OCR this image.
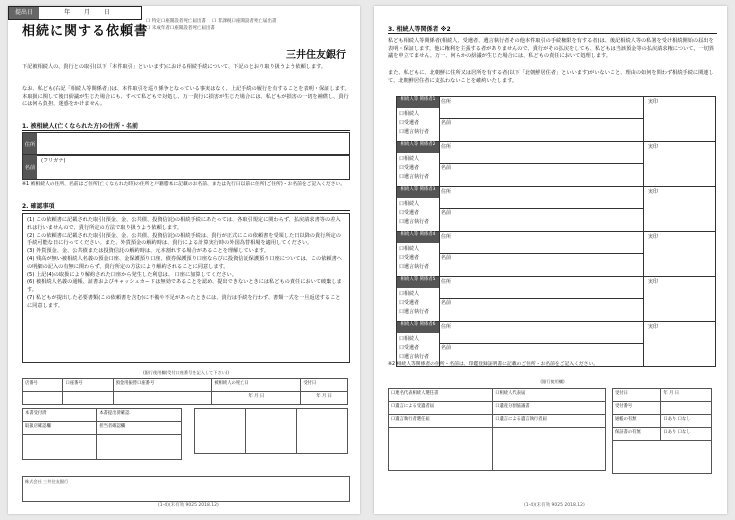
相続に関する依頼書
口 特定口座開設者死亡届出書 口 非課税口座開設者死亡届出書
口 未成年者口座開設者死亡届出書
提出日	年 月 日
三井住友銀行
下記被相続人の、貴行との取引(以下「本件取引」といいます)における相続手続について、下記のとおり取り扱うよう依頼します。
なお、私ども(右記「相続人等関係者」)は、本件取引を巡り係争となっている事実はなく、上記手続の履行を有することを表明・保証します。本取扱に関して後日紛議が生じた場合にも、すべて私どもで対処し、万一貴行に損害が生じた場合には、私どもが損害の一切を補償し、貴行には何ら負担、迷惑をかけません。
1. 被相続人(亡くなられた方)の住所・名前
住所
名前
(フリガナ)
※1 被相続人の住所、名前はご住所(亡くなられた時)の住所と戸籍謄本に記載のお名前、または先行日以前に住所(ご住所)・お名前をご記入ください。
2. 確認事項
(1) この依頼書に記載された取引(預金、金、公共債、投資信託)の相続手続にあたっては、各取引規定に関わらず、払戻請求書等の差入れは行いませんので、貴行所定の方法で取り扱うよう依頼します。
(2) この依頼書に記載された取引(預金、金、公共債、投資信託)の相続手続は、貴行が正式にこの依頼書を受領した日以降の貴行所定の手続可能な日に行ってください。また、外貨預金の解約時は、貴行による計算実行時の外国為替相場を適用してください。
(3) 外貨預金、金、公共債または投資信託の解約時は、元本割れする場合があることを理解しています。
(4) 残高が無い被相続人名義の預金口座、金保護預り口座、債券保護預り口座ならびに投資信託保護預り口座については、この依頼書への明細の記入の有無に関わらず、貴行所定の方法により解約されることに同意します。
(5) 上記(4)の取扱により解約された口座から発生した利息は、 口座に加算してください。
(6) 被相続人名義の通帳、証書およびキャッシュカードは無効であることを認め、提出できないときには私どもの責任において破棄します。
(7) 私どもが提出した必要書類(この依頼書を含む)に不備や不足があったときには、貴行は手続を行わず、書類一式を一旦返送することに同意します。
(銀行使用欄(受付口座番号を記入して下さい))
店番号	口座番号	預金用振替口座番号	被相続人の死亡日	受付日
			年 月 日	年 月 日
本書受付済	本書提出済確認
取扱店確認欄	担当者確認欄

株式会社 三井住友銀行
(1-4)(未有効 9025 2018.12)
3. 相続人等関係者 ※2
私ども相続人等関係者(相続人、受遺者、遺言執行者その他本件取引の手続権限を有する者)は、後記相続人等の私署を受け相続開始の届出を表明・保証します。他に権利を主張する者がありませんので、貴行がその払戻をしても、私どもは当該預金等の払戻請求権について、一切異議を申立てません。万一、何らかの紛議が生じた場合には、私どもの責任において処理します。
また、私どもに、北朝鮮に住所又は居所を有する者(以下「北朝鮮居住者」といいます)がいないこと、理由の如何を問わず相続手続に関連して、北朝鮮居住者に支払わないことを確約いたします。
相続人等 関係者1
口相続人
口受遺者
口遺言執行者
住所
名前
実印
相続人等 関係者2
口相続人
口受遺者
口遺言執行者
住所
名前
実印
相続人等 関係者3
口相続人
口受遺者
口遺言執行者
住所
名前
実印
相続人等 関係者4
口相続人
口受遺者
口遺言執行者
住所
名前
実印
相続人等 関係者5
口相続人
口受遺者
口遺言執行者
住所
名前
実印
相続人等 関係者6
口相続人
口受遺者
口遺言執行者
住所
名前
実印
※2 相続人等関係者の住所・名前は、印鑑登録証明書に記載のご住所・お名前をご記入ください。
(銀行使用欄)
口連名代表相続人選任書	口相続人代表届
口遺言による受遺者届	口遺産分割協議書
口遺言執行者選任届	口遺言による遺言執行者届

受付日	年 月 日
受付番号	
通帳の有無	口あり 口なし
保証書の有無	口あり 口なし

(1-4)(未有効 9025 2018.12)
